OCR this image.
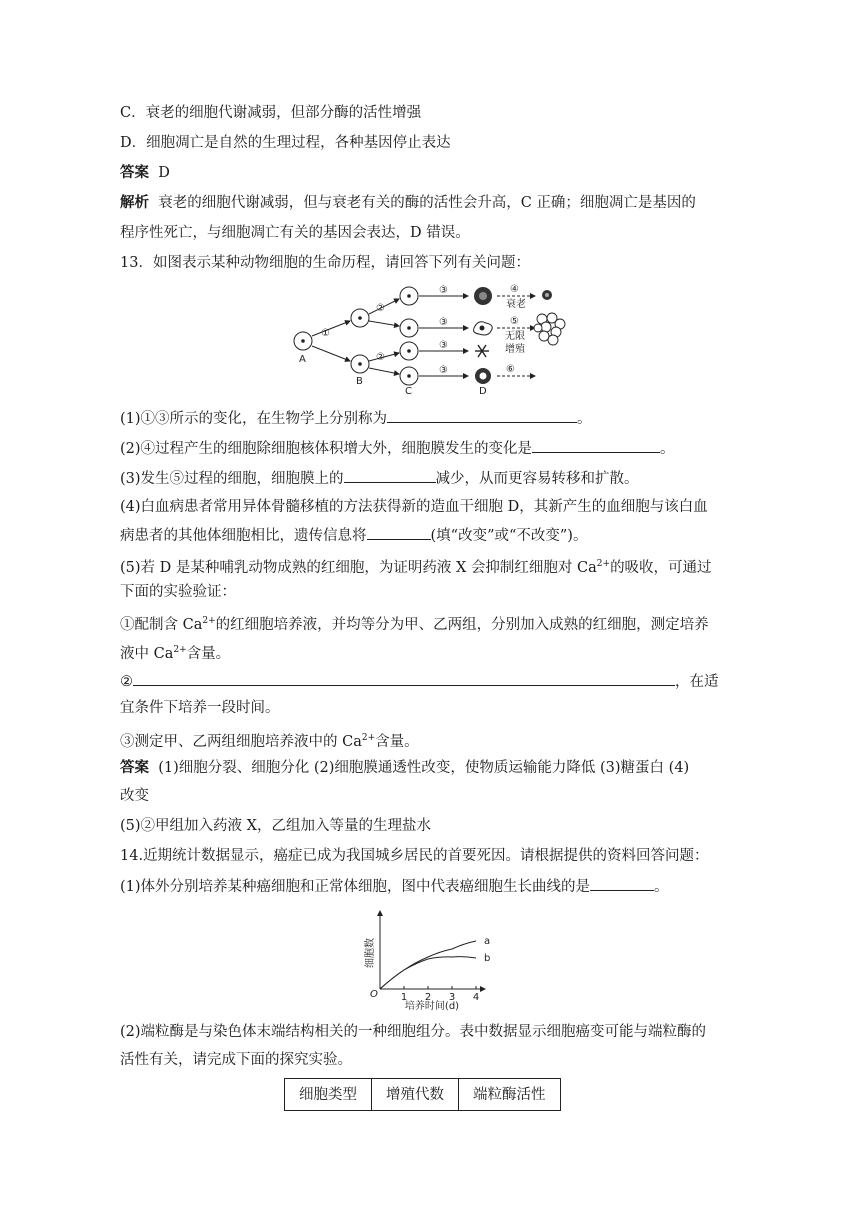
C．衰老的细胞代谢减弱，但部分酶的活性增强
D．细胞凋亡是自然的生理过程，各种基因停止表达
答案 D
解析 衰老的细胞代谢减弱，但与衰老有关的酶的活性会升高，C 正确；细胞凋亡是基因的
程序性死亡，与细胞凋亡有关的基因会表达，D 错误。
13．如图表示某种动物细胞的生命历程，请回答下列有关问题：
A
B
C	D
①
②
②
③
③
③
③
④
衰老
⑤
无限
增殖
⑥
(1)①③所示的变化，在生物学上分别称为	。
(2)④过程产生的细胞除细胞核体积增大外，细胞膜发生的变化是	。
(3)发生⑤过程的细胞，细胞膜上的	减少，从而更容易转移和扩散。
(4)白血病患者常用异体骨髓移植的方法获得新的造血干细胞 D，其新产生的血细胞与该白血
病患者的其他体细胞相比，遗传信息将	(填“改变”或“不改变”)。
(5)若 D 是某种哺乳动物成熟的红细胞，为证明药液 X 会抑制红细胞对 $Ca^{2+}$的吸收，可通过
下面的实验验证：
①配制含 $Ca^{2+}$的红细胞培养液，并均等分为甲、乙两组，分别加入成熟的红细胞，测定培养
液中 $Ca^{2+}$含量。
②	，在适
宜条件下培养一段时间。
③测定甲、乙两组细胞培养液中的 $Ca^{2+}$含量。
答案 (1)细胞分裂、细胞分化 (2)细胞膜通透性改变，使物质运输能力降低 (3)糖蛋白 (4)
改变
(5)②甲组加入药液 X，乙组加入等量的生理盐水
14.近期统计数据显示，癌症已成为我国城乡居民的首要死因。请根据提供的资料回答问题：
(1)体外分别培养某种癌细胞和正常体细胞，图中代表癌细胞生长曲线的是	。
细胞数
O
培养时间(d)
1 2 3 4
a
b
(2)端粒酶是与染色体末端结构相关的一种细胞组分。表中数据显示细胞癌变可能与端粒酶的
活性有关，请完成下面的探究实验。
细胞类型	增殖代数	端粒酶活性
